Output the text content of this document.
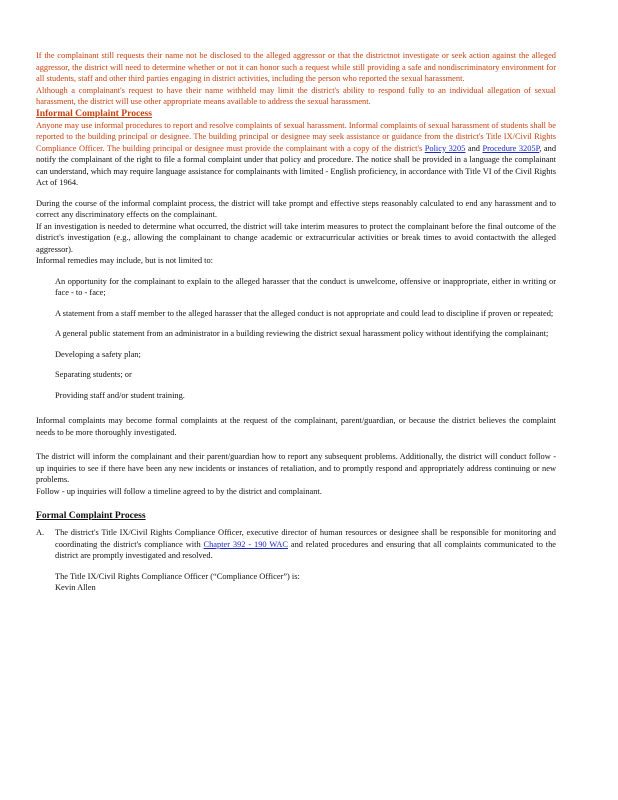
If the complainant still requests their name not be disclosed to the alleged aggressor or that the districtnot investigate or seek action against the alleged aggressor, the district will need to determine whether or not it can honor such a request while still providing a safe and nondiscriminatory environment for all students, staff and other third parties engaging in district activities, including the person who reported the sexual harassment.

Although a complainant's request to have their name withheld may limit the district's ability to respond fully to an individual allegation of sexual harassment, the district will use other appropriate means available to address the sexual harassment.

Informal Complaint Process

Anyone may use informal procedures to report and resolve complaints of sexual harassment. Informal complaints of sexual harassment of students shall be reported to the building principal or designee. The building principal or designee may seek assistance or guidance from the district's Title IX/Civil Rights Compliance Officer. The building principal or designee must provide the complainant with a copy of the district's Policy 3205 and Procedure 3205P, and notify the complainant of the right to file a formal complaint under that policy and procedure. The notice shall be provided in a language the complainant can understand, which may require language assistance for complainants with limited - English proficiency, in accordance with Title VI of the Civil Rights Act of 1964.

During the course of the informal complaint process, the district will take prompt and effective steps reasonably calculated to end any harassment and to correct any discriminatory effects on the complainant.

If an investigation is needed to determine what occurred, the district will take interim measures to protect the complainant before the final outcome of the district's investigation (e.g., allowing the complainant to change academic or extracurricular activities or break times to avoid contactwith the alleged aggressor).

Informal remedies may include, but is not limited to:

An opportunity for the complainant to explain to the alleged harasser that the conduct is unwelcome, offensive or inappropriate, either in writing or face - to - face;
A statement from a staff member to the alleged harasser that the alleged conduct is not appropriate and could lead to discipline if proven or repeated;
A general public statement from an administrator in a building reviewing the district sexual harassment policy without identifying the complainant;
Developing a safety plan;
Separating students; or
Providing staff and/or student training.

Informal complaints may become formal complaints at the request of the complainant, parent/guardian, or because the district believes the complaint needs to be more thoroughly investigated.

The district will inform the complainant and their parent/guardian how to report any subsequent problems. Additionally, the district will conduct follow - up inquiries to see if there have been any new incidents or instances of retaliation, and to promptly respond and appropriately address continuing or new problems.

Follow - up inquiries will follow a timeline agreed to by the district and complainant.

Formal Complaint Process
A.	The district's Title IX/Civil Rights Compliance Officer, executive director of human resources or designee shall be responsible for monitoring and coordinating the district's compliance with Chapter 392 - 190 WAC and related procedures and ensuring that all complaints communicated to the district are promptly investigated and resolved.

The Title IX/Civil Rights Compliance Officer (“Compliance Officer”) is:

Kevin Allen
